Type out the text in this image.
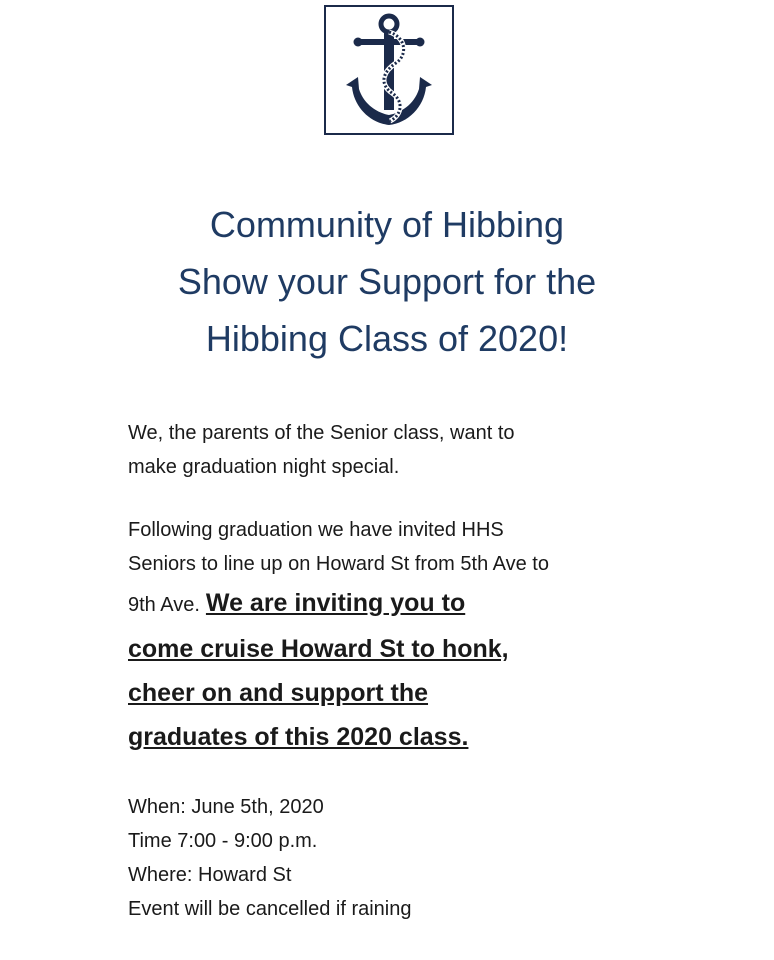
Community of Hibbing
Show your Support for the
Hibbing Class of 2020!
We, the parents of the Senior class, want to
make graduation night special.
Following graduation we have invited HHS
Seniors to line up on Howard St from 5th Ave to
9th Ave. We are inviting you to
come cruise Howard St to honk,
cheer on and support the
graduates of this 2020 class.
When: June 5th, 2020
Time 7:00 - 9:00 p.m.
Where: Howard St
Event will be cancelled if raining
